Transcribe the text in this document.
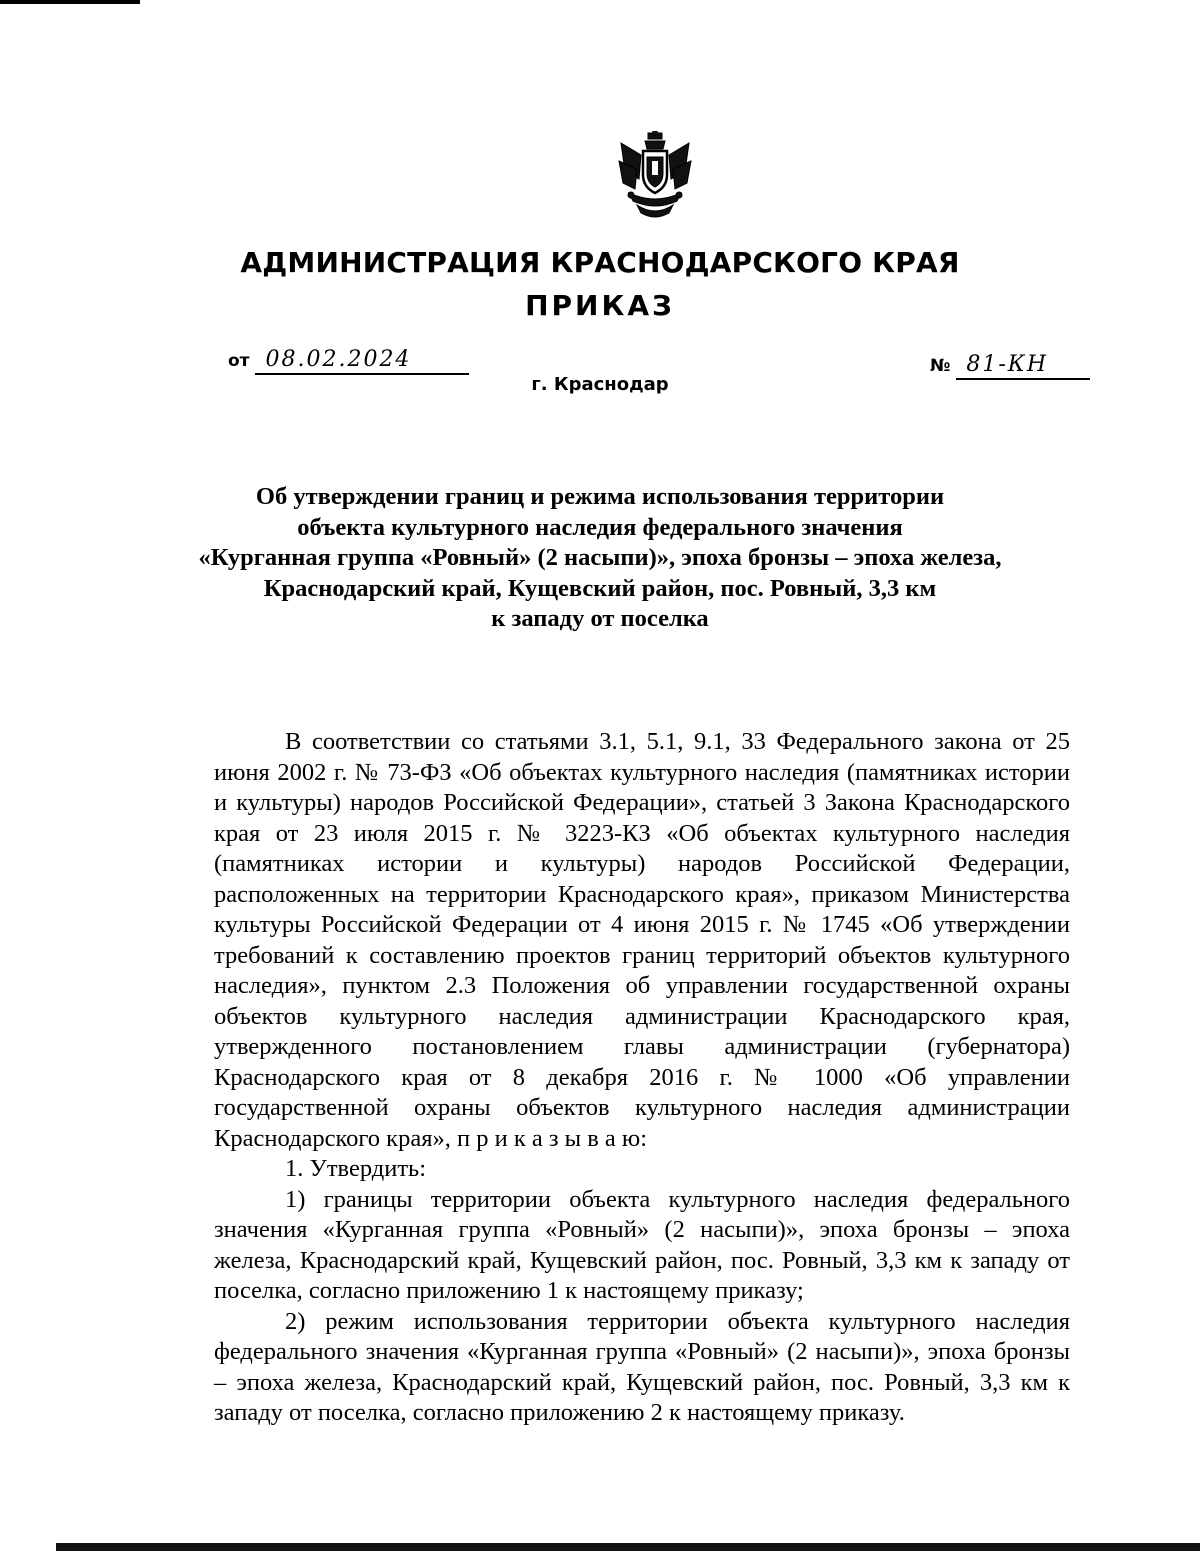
АДМИНИСТРАЦИЯ КРАСНОДАРСКОГО КРАЯ
ПРИКАЗ
от 08.02.2024
г. Краснодар
№ 81-КН
Об утверждении границ и режима использования территории
объекта культурного наследия федерального значения
«Курганная группа «Ровный» (2 насыпи)», эпоха бронзы – эпоха железа,
Краснодарский край, Кущевский район, пос. Ровный, 3,3 км
к западу от поселка

В соответствии со статьями 3.1, 5.1, 9.1, 33 Федерального закона от 25 июня 2002 г. № 73-ФЗ «Об объектах культурного наследия (памятниках истории и культуры) народов Российской Федерации», статьей 3 Закона Краснодарского края от 23 июля 2015 г. № 3223-КЗ «Об объектах культурного наследия (памятниках истории и культуры) народов Российской Федерации, расположенных на территории Краснодарского края», приказом Министерства культуры Российской Федерации от 4 июня 2015 г. № 1745 «Об утверждении требований к составлению проектов границ территорий объектов культурного наследия», пунктом 2.3 Положения об управлении государственной охраны объектов культурного наследия администрации Краснодарского края, утвержденного постановлением главы администрации (губернатора) Краснодарского края от 8 декабря 2016 г. № 1000 «Об управлении государственной охраны объектов культурного наследия администрации Краснодарского края», п р и к а з ы в а ю:

1. Утвердить:

1) границы территории объекта культурного наследия федерального значения «Курганная группа «Ровный» (2 насыпи)», эпоха бронзы – эпоха железа, Краснодарский край, Кущевский район, пос. Ровный, 3,3 км к западу от поселка, согласно приложению 1 к настоящему приказу;

2) режим использования территории объекта культурного наследия федерального значения «Курганная группа «Ровный» (2 насыпи)», эпоха бронзы – эпоха железа, Краснодарский край, Кущевский район, пос. Ровный, 3,3 км к западу от поселка, согласно приложению 2 к настоящему приказу.
